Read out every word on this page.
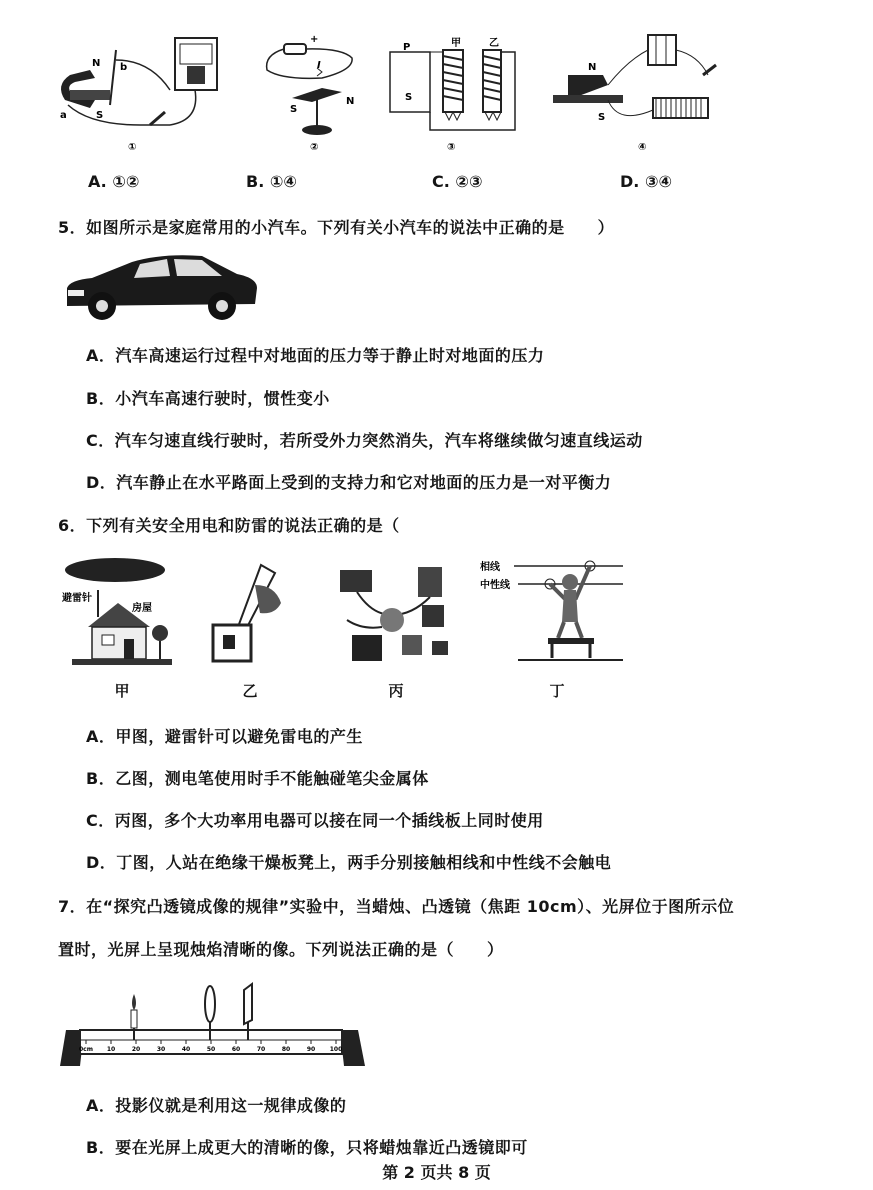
N
S
a
b
①
+
I
S
N
②
P	甲	乙
S
③
N
S
④
A. ①②	B. ①④	C. ②③	D. ③④
5．如图所示是家庭常用的小汽车。下列有关小汽车的说法中正确的是　　）
A．汽车高速运行过程中对地面的压力等于静止时对地面的压力
B．小汽车高速行驶时，惯性变小
C．汽车匀速直线行驶时，若所受外力突然消失，汽车将继续做匀速直线运动
D．汽车静止在水平路面上受到的支持力和它对地面的压力是一对平衡力
6．下列有关安全用电和防雷的说法正确的是（
避雷针
房屋
相线
中性线
甲	乙	丙	丁
A．甲图，避雷针可以避免雷电的产生
B．乙图，测电笔使用时手不能触碰笔尖金属体
C．丙图，多个大功率用电器可以接在同一个插线板上同时使用
D．丁图，人站在绝缘干燥板凳上，两手分别接触相线和中性线不会触电
7．在“探究凸透镜成像的规律”实验中，当蜡烛、凸透镜（焦距 10cm）、光屏位于图所示位
置时，光屏上呈现烛焰清晰的像。下列说法正确的是（　　）
0cm 10	20	30	40	50	60	70	80	90 100
A．投影仪就是利用这一规律成像的
B．要在光屏上成更大的清晰的像，只将蜡烛靠近凸透镜即可
第 2 页共 8 页
